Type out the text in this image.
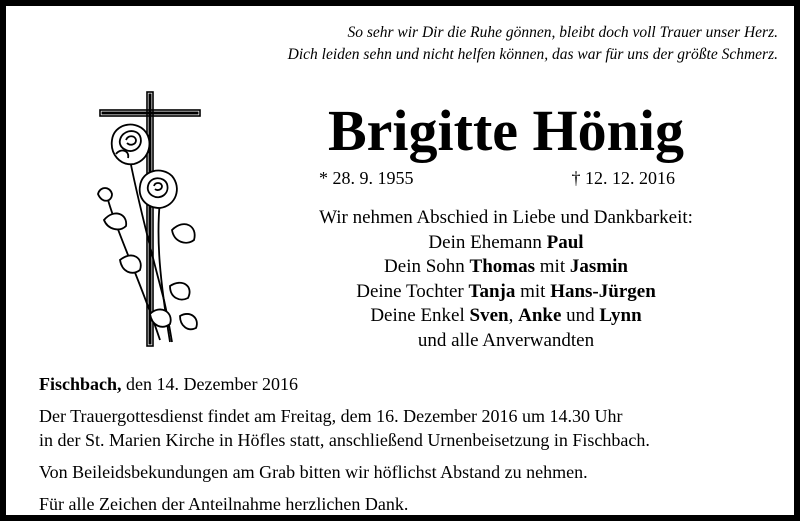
So sehr wir Dir die Ruhe gönnen, bleibt doch voll Trauer unser Herz.
Dich leiden sehn und nicht helfen können, das war für uns der größte Schmerz.
Brigitte Hönig
* 28. 9. 1955	† 12. 12. 2016
Wir nehmen Abschied in Liebe und Dankbarkeit:
Dein Ehemann Paul
Dein Sohn Thomas mit Jasmin
Deine Tochter Tanja mit Hans-Jürgen
Deine Enkel Sven, Anke und Lynn
und alle Anverwandten

Fischbach, den 14. Dezember 2016

Der Trauergottesdienst findet am Freitag, dem 16. Dezember 2016 um 14.30 Uhr

in der St. Marien Kirche in Höfles statt, anschließend Urnenbeisetzung in Fischbach.

Von Beileidsbekundungen am Grab bitten wir höflichst Abstand zu nehmen.

Für alle Zeichen der Anteilnahme herzlichen Dank.
